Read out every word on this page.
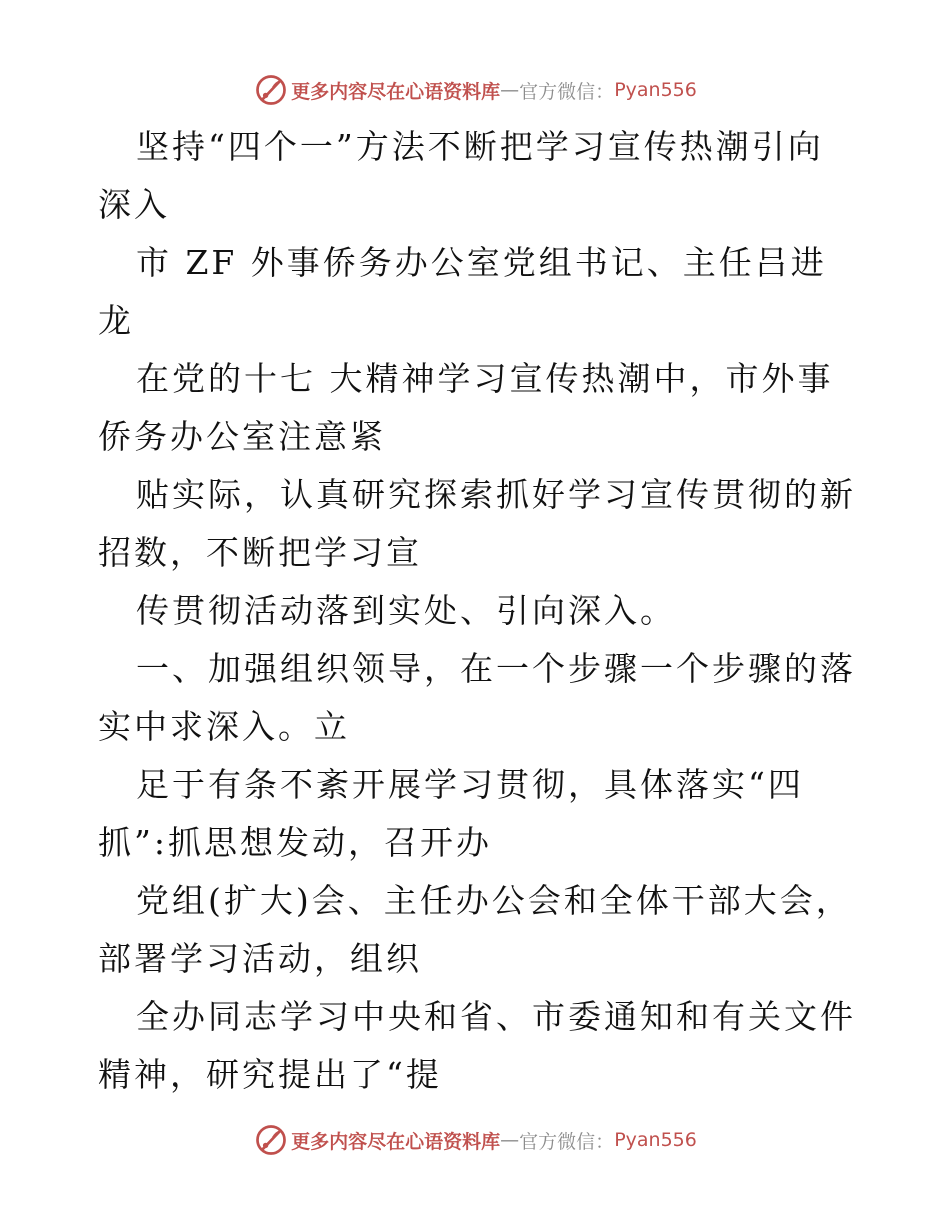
更多内容尽在心语资料库 — 官方微信： Pyan556

坚持“四个一”方法不断把学习宣传热潮引向深入

市 ZF 外事侨务办公室党组书记、主任吕进龙

在党的十七 大精神学习宣传热潮中，市外事侨务办公室注意紧

贴实际，认真研究探索抓好学习宣传贯彻的新招数，不断把学习宣

传贯彻活动落到实处、引向深入。

一、加强组织领导，在一个步骤一个步骤的落实中求深入。立

足于有条不紊开展学习贯彻，具体落实“四抓”:抓思想发动，召开办

党组(扩大)会、主任办公会和全体干部大会，部署学习活动，组织

全办同志学习中央和省、市委通知和有关文件精神，研究提出了“提

更多内容尽在心语资料库 — 官方微信： Pyan556
